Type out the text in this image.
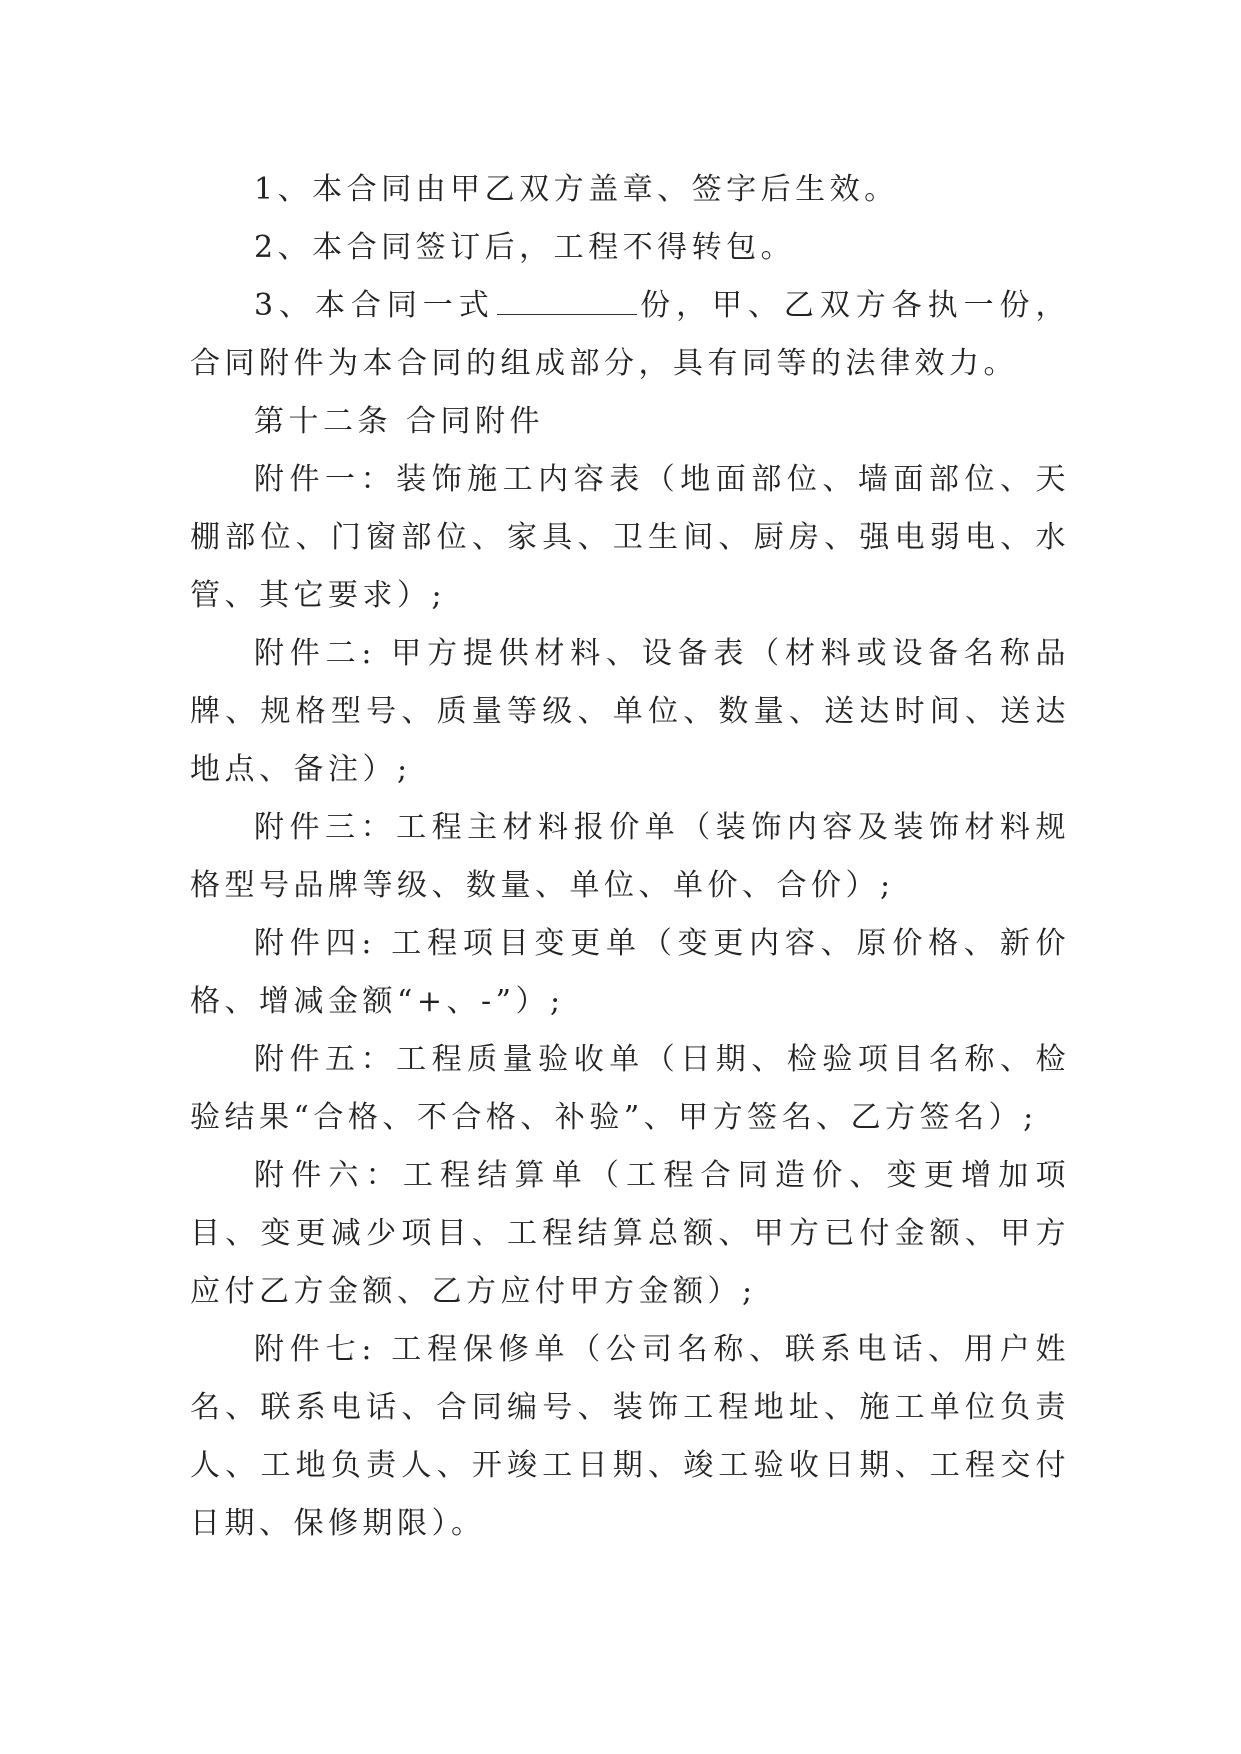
1、本合同由甲乙双方盖章、签字后生效。

2、本合同签订后，工程不得转包。

3、本合同一式	份，甲、乙双方各执一份，合同附件为本合同的组成部分，具有同等的法律效力。

第十二条 合同附件

附件一：装饰施工内容表（地面部位、墙面部位、天棚部位、门窗部位、家具、卫生间、厨房、强电弱电、水管、其它要求）;

附件二: 甲方提供材料、设备表（材料或设备名称品牌、规格型号、质量等级、单位、数量、送达时间、送达地点、备注）;

附件三：工程主材料报价单（装饰内容及装饰材料规格型号品牌等级、数量、单位、单价、合价）;

附件四: 工程项目变更单（变更内容、原价格、新价格、增减金额“+、-”）;

附件五：工程质量验收单（日期、检验项目名称、检验结果“合格、不合格、补验”、甲方签名、乙方签名）;

附件六：工程结算单（工程合同造价、变更增加项目、变更减少项目、工程结算总额、甲方已付金额、甲方应付乙方金额、乙方应付甲方金额）;

附件七: 工程保修单（公司名称、联系电话、用户姓名、联系电话、合同编号、装饰工程地址、施工单位负责人、工地负责人、开竣工日期、竣工验收日期、工程交付日期、保修期限）。
